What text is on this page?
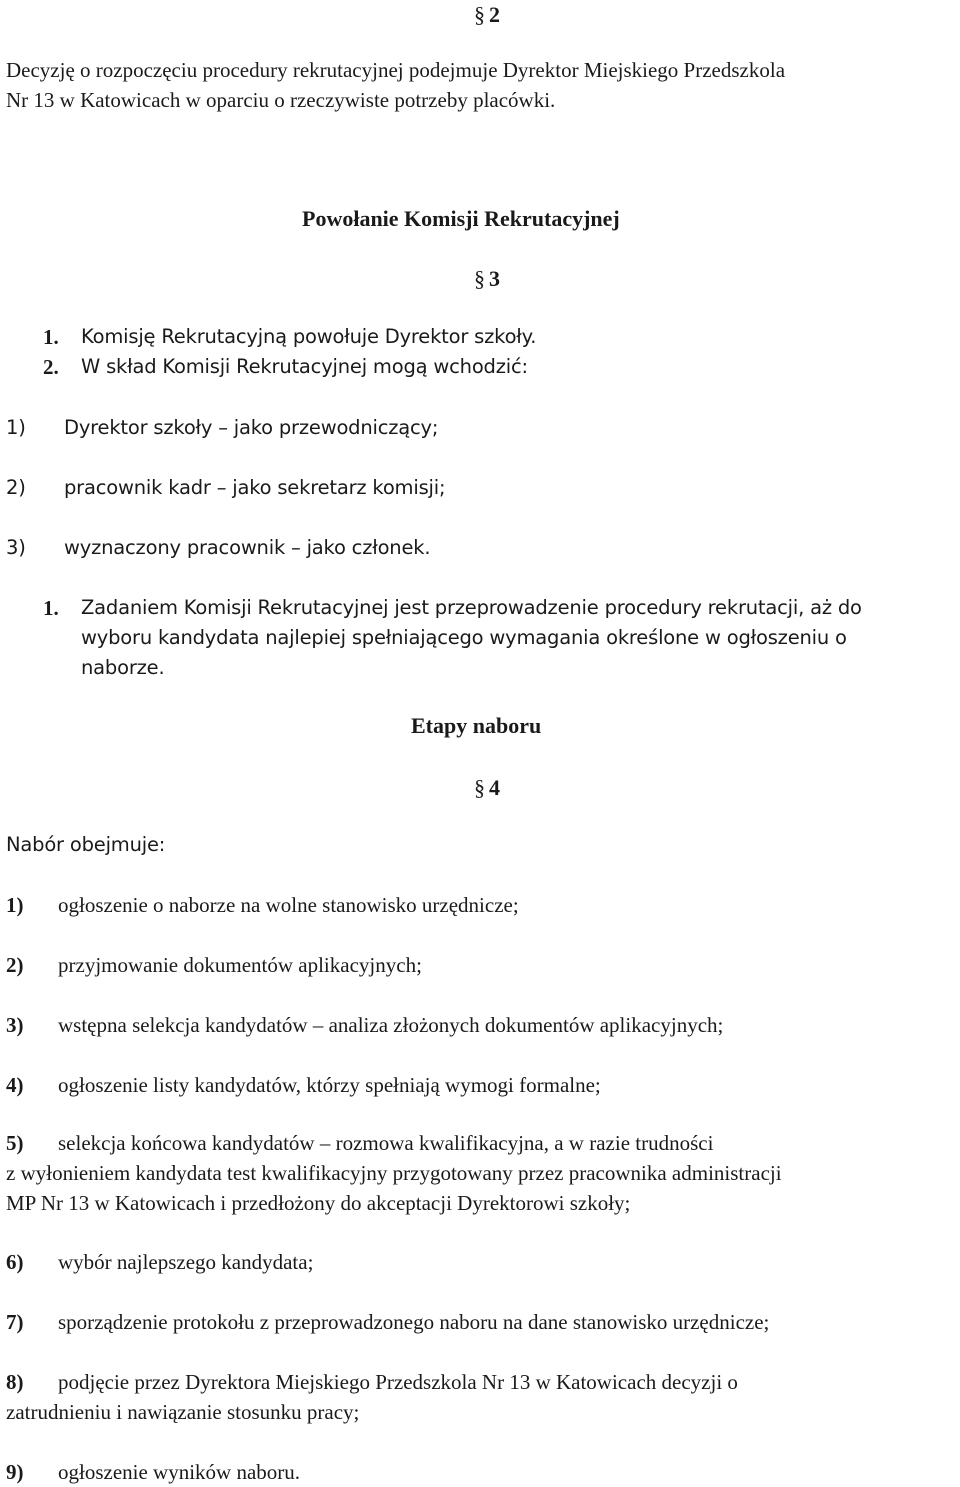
§ 2
Decyzję o rozpoczęciu procedury rekrutacyjnej podejmuje Dyrektor Miejskiego Przedszkola
Nr 13 w Katowicach w oparciu o rzeczywiste potrzeby placówki.
Powołanie Komisji Rekrutacyjnej
§ 3
1. Komisję Rekrutacyjną powołuje Dyrektor szkoły.
2. W skład Komisji Rekrutacyjnej mogą wchodzić:
1) Dyrektor szkoły – jako przewodniczący;
2) pracownik kadr – jako sekretarz komisji;
3) wyznaczony pracownik – jako członek.
1. Zadaniem Komisji Rekrutacyjnej jest przeprowadzenie procedury rekrutacji, aż do
wyboru kandydata najlepiej spełniającego wymagania określone w ogłoszeniu o
naborze.
Etapy naboru
§ 4
Nabór obejmuje:
1) ogłoszenie o naborze na wolne stanowisko urzędnicze;
2) przyjmowanie dokumentów aplikacyjnych;
3) wstępna selekcja kandydatów – analiza złożonych dokumentów aplikacyjnych;
4) ogłoszenie listy kandydatów, którzy spełniają wymogi formalne;
5) selekcja końcowa kandydatów – rozmowa kwalifikacyjna, a w razie trudności
z wyłonieniem kandydata test kwalifikacyjny przygotowany przez pracownika administracji
MP Nr 13 w Katowicach i przedłożony do akceptacji Dyrektorowi szkoły;
6) wybór najlepszego kandydata;
7) sporządzenie protokołu z przeprowadzonego naboru na dane stanowisko urzędnicze;
8) podjęcie przez Dyrektora Miejskiego Przedszkola Nr 13 w Katowicach decyzji o
zatrudnieniu i nawiązanie stosunku pracy;
9) ogłoszenie wyników naboru.
